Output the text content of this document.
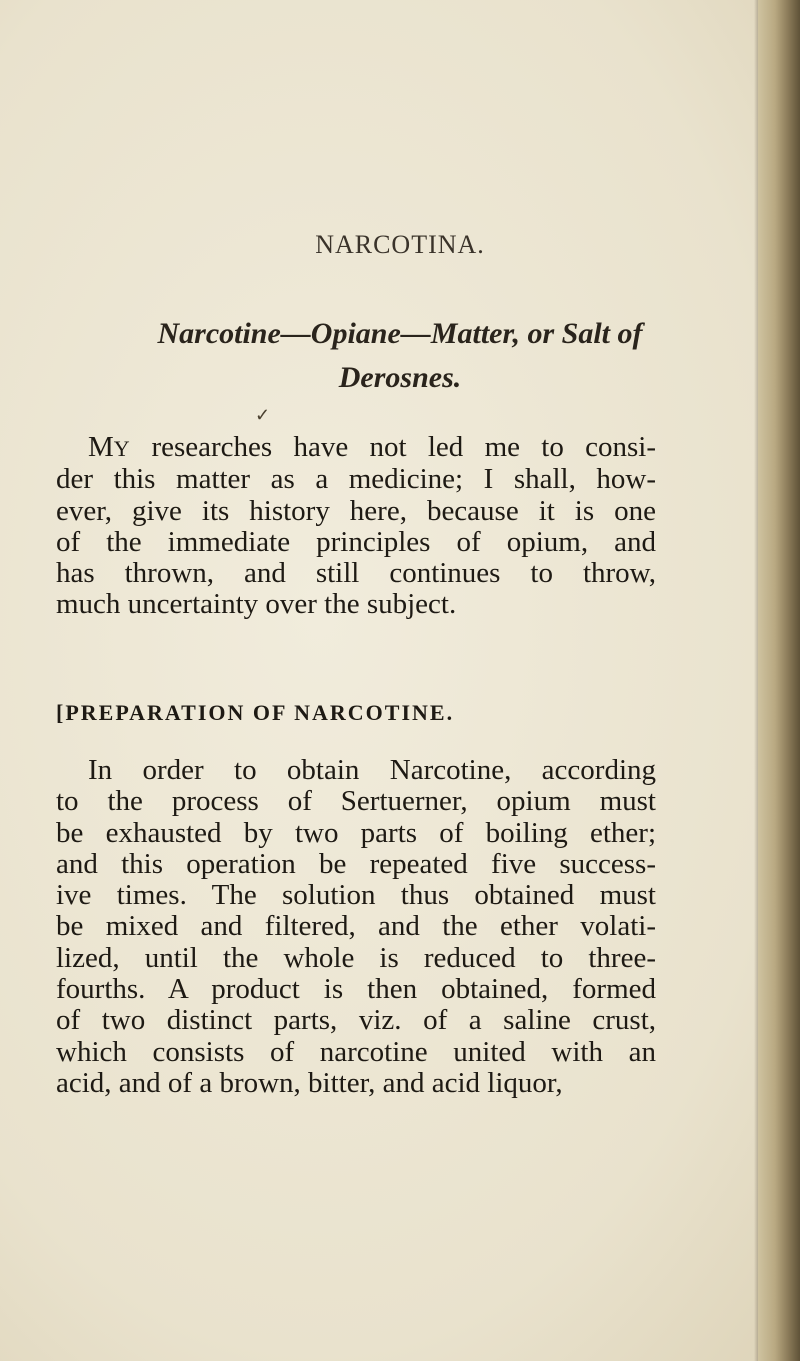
NARCOTINA.
Narcotine—Opiane—Matter, or Salt of
Derosnes.
✓
MY researches have not led me to consi-
der this matter as a medicine; I shall, how-
ever, give its history here, because it is one
of the immediate principles of opium, and
has thrown, and still continues to throw,
much uncertainty over the subject.
[PREPARATION OF NARCOTINE.
In order to obtain Narcotine, according
to the process of Sertuerner, opium must
be exhausted by two parts of boiling ether;
and this operation be repeated five success-
ive times. The solution thus obtained must
be mixed and filtered, and the ether volati-
lized, until the whole is reduced to three-
fourths. A product is then obtained, formed
of two distinct parts, viz. of a saline crust,
which consists of narcotine united with an
acid, and of a brown, bitter, and acid liquor,
